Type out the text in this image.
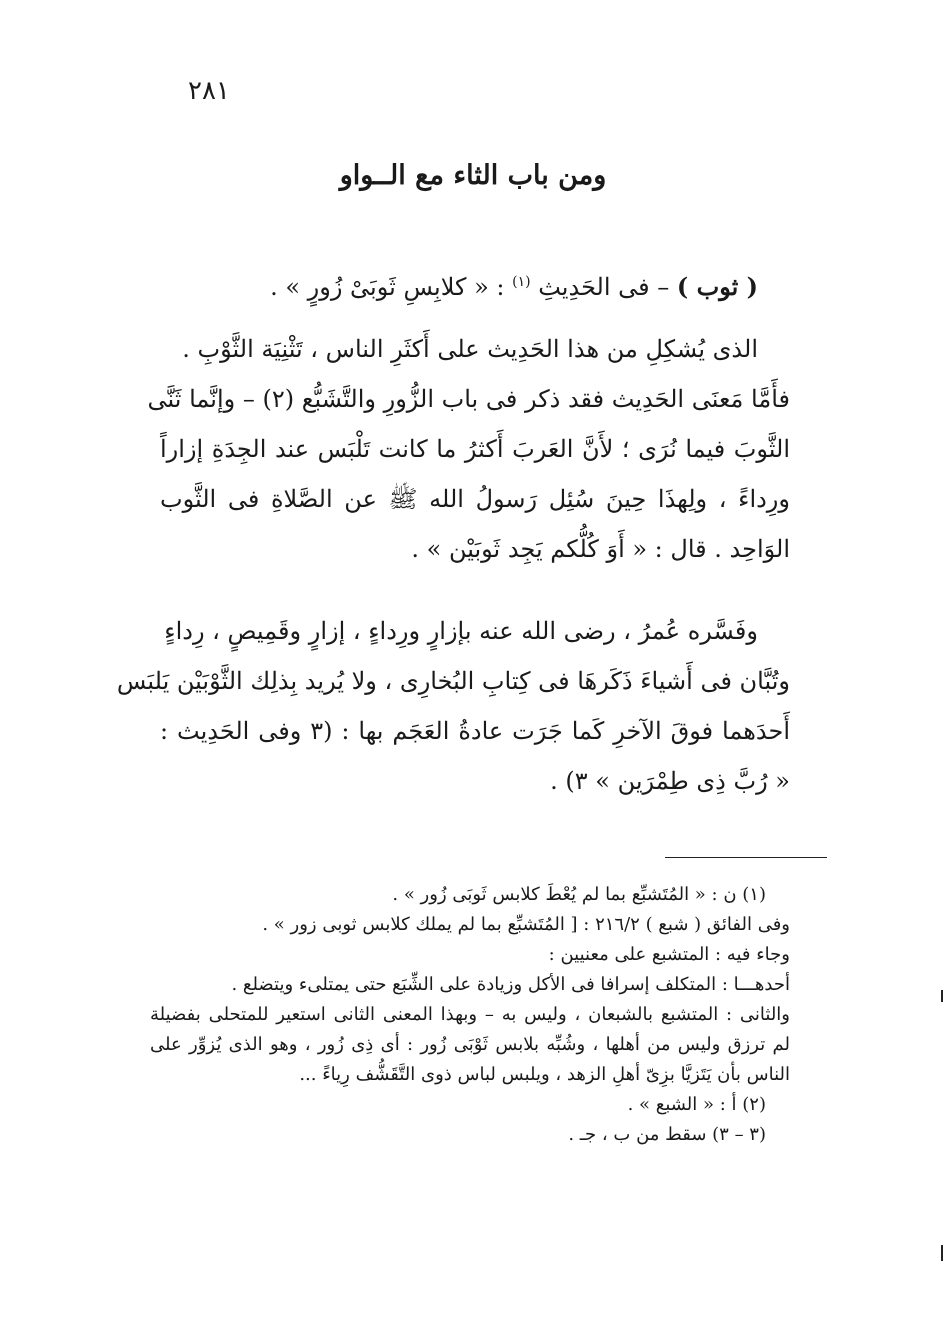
٢٨١
ومن باب الثاء مع الــواو
( ثوب ) – فى الحَدِيثِ $^{(١)}$ : « كلابِسِ ثَوبَىْ زُورٍ » .
الذى يُشكِلِ من هذا الحَدِيث على أَكثَرِ الناس ، تَثْنِيَة الثَّوْبِ .
فأَمَّا مَعنَى الحَدِيث فقد ذكر فى باب الزُّورِ والتَّشَبُّع (٢) – وإنَّما ثَنَّى
الثَّوبَ فيما نُرَى ؛ لأَنَّ العَربَ أَكثرُ ما كانت تَلْبَس عند الجِدَةِ إزاراً
ورِداءً ، ولِهذَا حِينَ سُئِل رَسولُ الله ﷺ عن الصَّلاةِ فى الثَّوب
الوَاحِد . قال : « أَوَ كُلُّكم يَجِد ثَوبَيْن » .
وفَسَّره عُمرُ ، رضى الله عنه بإزارٍ ورِداءٍ ، إزارٍ وقَمِيصٍ ، رِداءٍ
وتُبَّان فى أَشياءَ ذَكَرهَا فى كِتابِ البُخارِى ، ولا يُريد بِذلِك الثَّوْبَيْن يَلبَس
أَحدَهما فوقَ الآخرِ كَما جَرَت عادةُ العَجَم بها : (٣ وفى الحَدِيث :
« رُبَّ ذِى طِمْرَين » ٣) .
(١) ن : « المُتَشبِّع بما لم يُعْطَ كلابس ثَوبَى زُور » .
وفى الفائق ( شبع ) ٢١٦/٢ : [ المُتَشبِّع بما لم يملك كلابس ثوبى زور » .
وجاء فيه : المتشبع على معنيين :
أحدهـــا : المتكلف إسرافا فى الأكل وزيادة على الشِّبَع حتى يمتلىء ويتضلع .
والثانى : المتشبع بالشبعان ، وليس به – وبهذا المعنى الثانى استعير للمتحلى بفضيلة
لم ترزق وليس من أهلها ، وشُبِّه بلابس ثَوْبَى زُور : أى ذِى زُور ، وهو الذى يُزوِّر على
الناس بأن يَتَزيَّا بزِىّ أهلِ الزهد ، ويلبس لباس ذوى التَّقَشُّف رِياءً ...
(٢) أ : « الشبع » .
(٣ – ٣) سقط من ب ، جـ .
